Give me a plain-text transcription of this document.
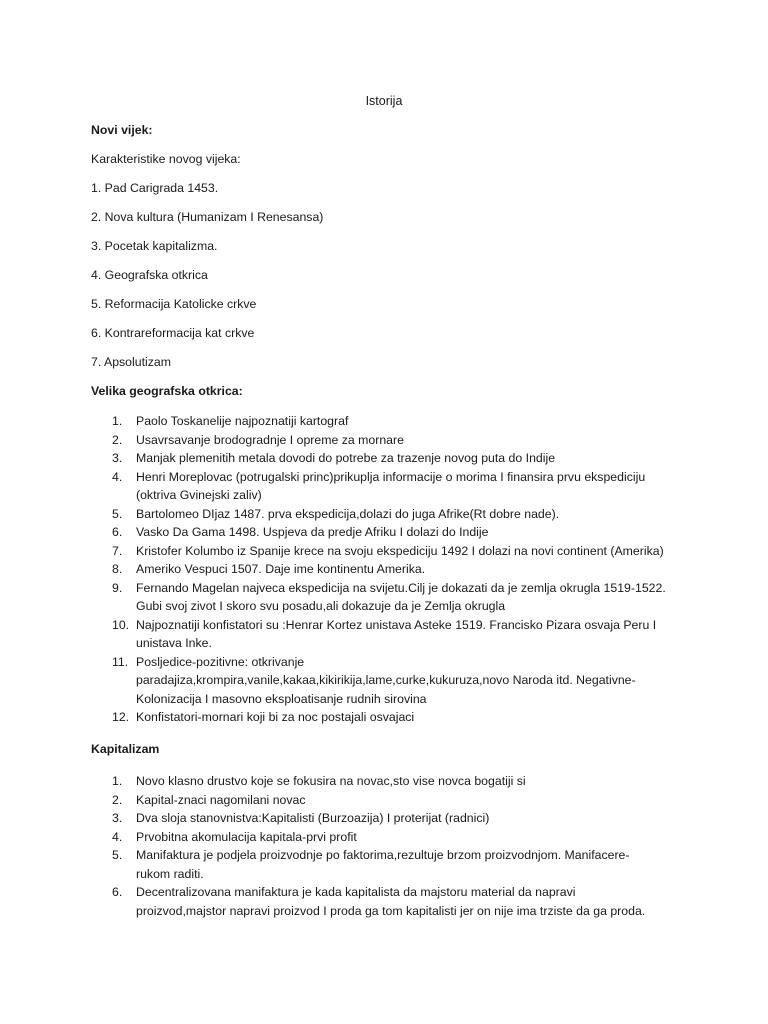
Istorija
Novi vijek:
Karakteristike novog vijeka:
1. Pad Carigrada 1453.
2. Nova kultura (Humanizam I Renesansa)
3. Pocetak kapitalizma.
4. Geografska otkrica
5. Reformacija Katolicke crkve
6. Kontrareformacija kat crkve
7. Apsolutizam
Velika geografska otkrica:
1. Paolo Toskanelije najpoznatiji kartograf
2. Usavrsavanje brodogradnje I opreme za mornare
3. Manjak plemenitih metala dovodi do potrebe za trazenje novog puta do Indije
4. Henri Moreplovac (potrugalski princ)prikuplja informacije o morima I finansira prvu ekspediciju
(oktriva Gvinejski zaliv)
5. Bartolomeo DIjaz 1487. prva ekspedicija,dolazi do juga Afrike(Rt dobre nade).
6. Vasko Da Gama 1498. Uspjeva da predje Afriku I dolazi do Indije
7. Kristofer Kolumbo iz Spanije krece na svoju ekspediciju 1492 I dolazi na novi continent (Amerika)
8. Ameriko Vespuci 1507. Daje ime kontinentu Amerika.
9. Fernando Magelan najveca ekspedicija na svijetu.Cilj je dokazati da je zemlja okrugla 1519-1522.
Gubi svoj zivot I skoro svu posadu,ali dokazuje da je Zemlja okrugla
10. Najpoznatiji konfistatori su :Henrar Kortez unistava Asteke 1519. Francisko Pizara osvaja Peru I
unistava Inke.
11. Posljedice-pozitivne: otkrivanje
paradajiza,krompira,vanile,kakaa,kikirikija,lame,curke,kukuruza,novo Naroda itd. Negativne-
Kolonizacija I masovno eksploatisanje rudnih sirovina
12. Konfistatori-mornari koji bi za noc postajali osvajaci
Kapitalizam
1. Novo klasno drustvo koje se fokusira na novac,sto vise novca bogatiji si
2. Kapital-znaci nagomilani novac
3. Dva sloja stanovnistva:Kapitalisti (Burzoazija) I proterijat (radnici)
4. Prvobitna akomulacija kapitala-prvi profit
5. Manifaktura je podjela proizvodnje po faktorima,rezultuje brzom proizvodnjom. Manifacere-
rukom raditi.
6. Decentralizovana manifaktura je kada kapitalista da majstoru material da napravi
proizvod,majstor napravi proizvod I proda ga tom kapitalisti jer on nije ima trziste da ga proda.
